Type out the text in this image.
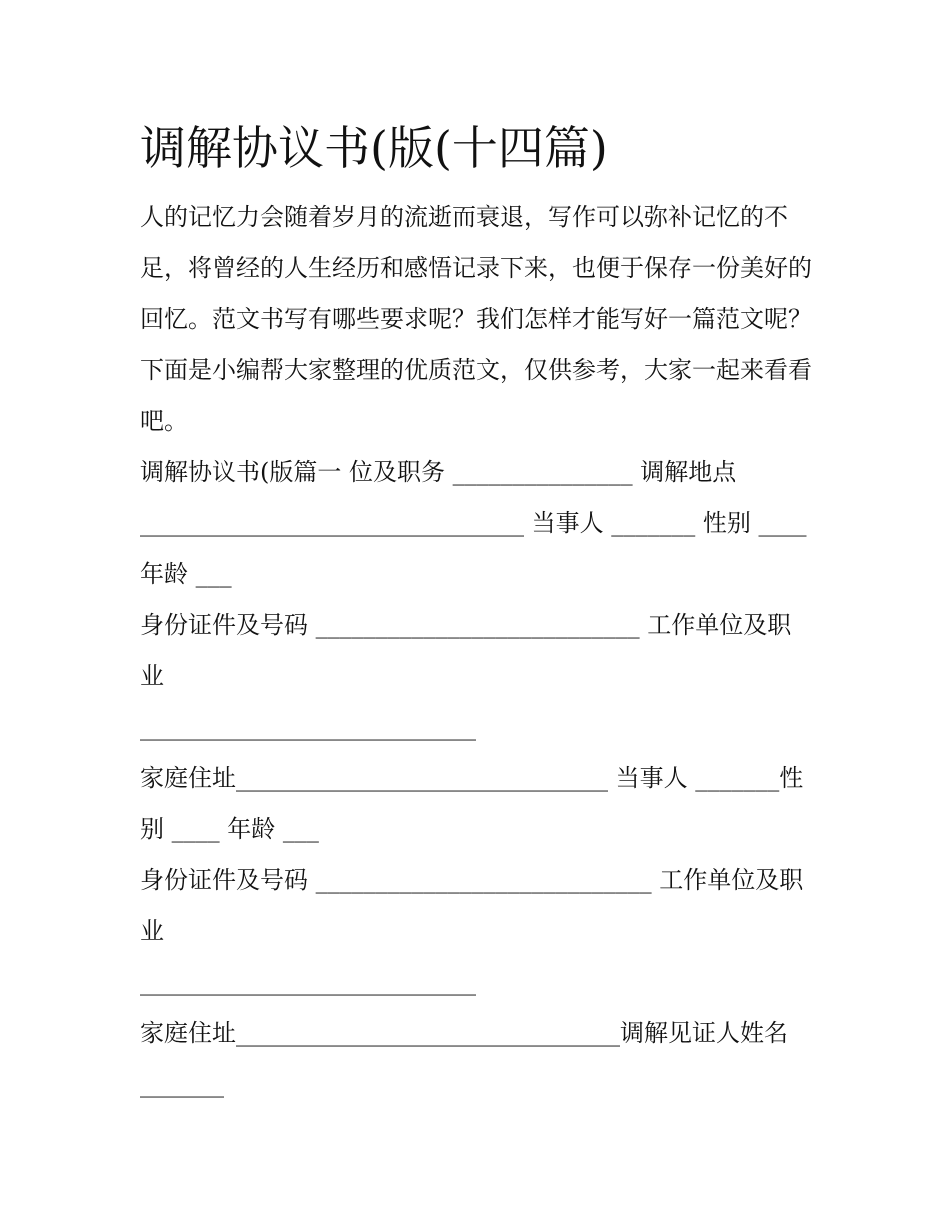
调解协议书(版(十四篇)

人的记忆力会随着岁月的流逝而衰退，写作可以弥补记忆的不足，将曾经的人生经历和感悟记录下来，也便于保存一份美好的回忆。范文书写有哪些要求呢？我们怎样才能写好一篇范文呢？下面是小编帮大家整理的优质范文，仅供参考，大家一起来看看吧。

调解协议书(版篇一 位及职务 _______________ 调解地点
________________________________ 当事人 _______ 性别 ____
年龄 ___
身份证件及号码 ___________________________ 工作单位及职
业
____________________________
家庭住址_______________________________ 当事人 _______性
别 ____ 年龄 ___
身份证件及号码 ____________________________ 工作单位及职
业
____________________________
家庭住址________________________________调解见证人姓名
_______
